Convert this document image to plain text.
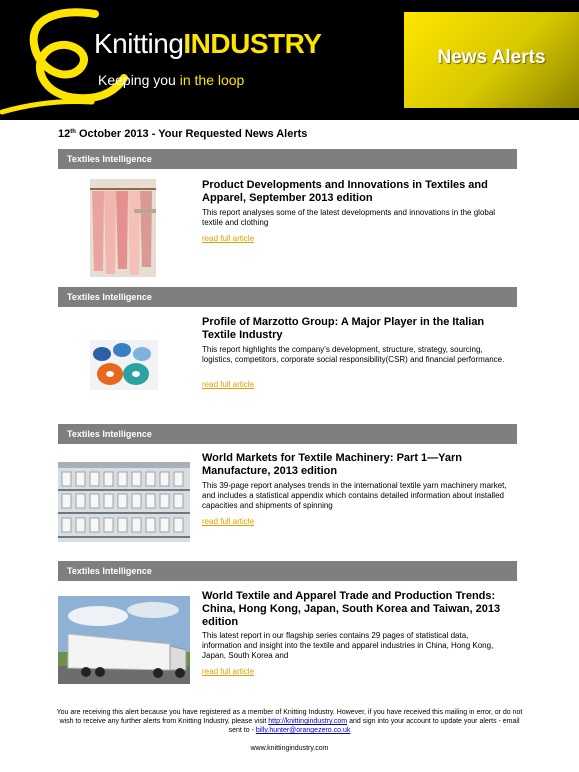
KnittingINDUSTRY
Keeping you in the loop
News Alerts
12th October 2013 - Your Requested News Alerts
Textiles Intelligence
Product Developments and Innovations in Textiles and Apparel, September 2013 edition
This report analyses some of the latest developments and innovations in the global textile and clothing
read full article
Textiles Intelligence
Profile of Marzotto Group: A Major Player in the Italian Textile Industry
This report highlights the company's development, structure, strategy, sourcing, logistics, competitors, corporate social responsibility(CSR) and financial performance.
read full article
Textiles Intelligence
World Markets for Textile Machinery: Part 1—Yarn Manufacture, 2013 edition
This 39-page report analyses trends in the international textile yarn machinery market, and includes a statistical appendix which contains detailed information about installed capacities and shipments of spinning
read full article
Textiles Intelligence
World Textile and Apparel Trade and Production Trends: China, Hong Kong, Japan, South Korea and Taiwan, 2013 edition
This latest report in our flagship series contains 29 pages of statistical data, information and insight into the textile and apparel industries in China, Hong Kong, Japan, South Korea and
read full article
You are receiving this alert because you have registered as a member of Knitting Industry. However, if you have received this mailing in error, or do not wish to receive any further alerts from Knitting Industry, please visit http://knittingindustry.com and sign into your account to update your alerts - email sent to - billy.hunter@orangezero.co.uk
www.knittingindustry.com
